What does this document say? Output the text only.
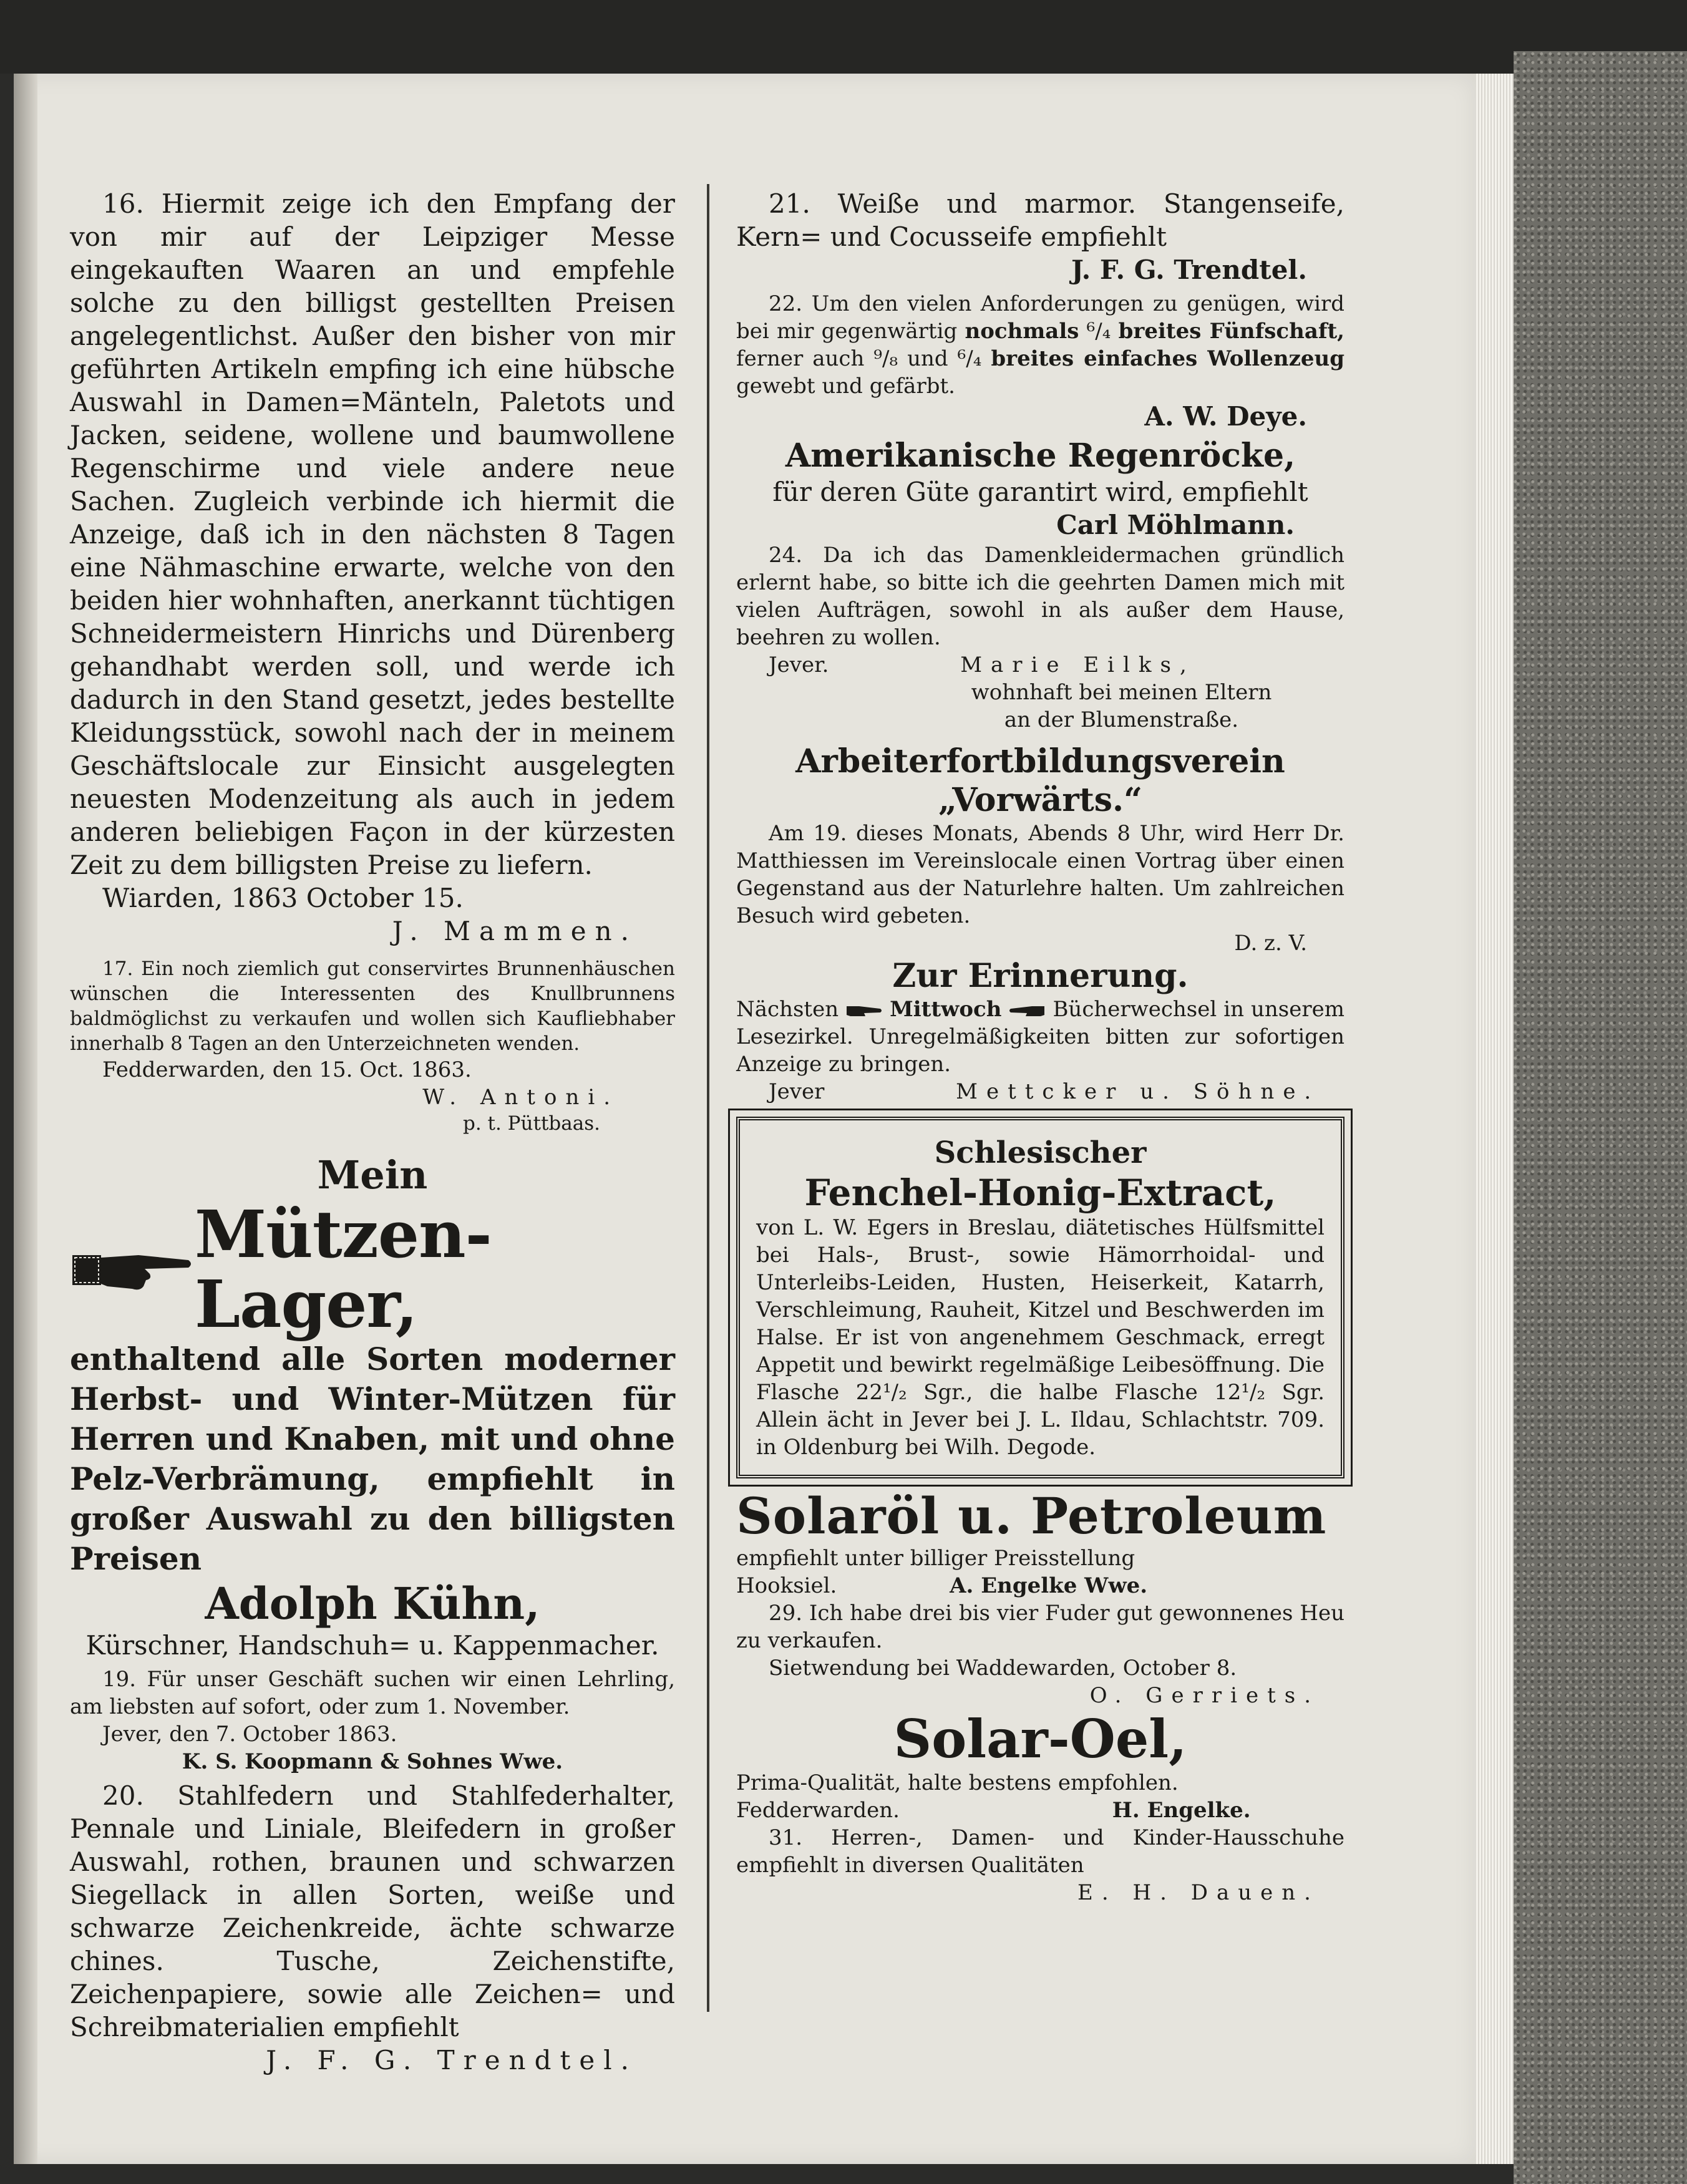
16. Hiermit zeige ich den Empfang der von mir auf der Leipziger Messe eingekauften Waaren an und empfehle solche zu den billigst gestellten Preisen angelegentlichst. Außer den bisher von mir geführten Artikeln empfing ich eine hübsche Auswahl in Damen=Mänteln, Paletots und Jacken, seidene, wollene und baumwollene Regenschirme und viele andere neue Sachen. Zugleich verbinde ich hiermit die Anzeige, daß ich in den nächsten 8 Tagen eine Nähmaschine erwarte, welche von den beiden hier wohnhaften, anerkannt tüchtigen Schneidermeistern Hinrichs und Dürenberg gehandhabt werden soll, und werde ich dadurch in den Stand gesetzt, jedes bestellte Kleidungsstück, sowohl nach der in meinem Geschäftslocale zur Einsicht ausgelegten neuesten Modenzeitung als auch in jedem anderen beliebigen Façon in der kürzesten Zeit zu dem billigsten Preise zu liefern.

Wiarden, 1863 October 15.

J. Mammen.

17. Ein noch ziemlich gut conservirtes Brunnenhäuschen wünschen die Interessenten des Knullbrunnens baldmöglichst zu verkaufen und wollen sich Kaufliebhaber innerhalb 8 Tagen an den Unterzeichneten wenden.

Fedderwarden, den 15. Oct. 1863.

W. Antoni.

p. t. Püttbaas.

Mein

Mützen-Lager,

enthaltend alle Sorten moderner Herbst- und Winter-Mützen für Herren und Knaben, mit und ohne Pelz-Verbrämung, empfiehlt in großer Auswahl zu den billigsten Preisen

Adolph Kühn,

Kürschner, Handschuh= u. Kappenmacher.

19. Für unser Geschäft suchen wir einen Lehrling, am liebsten auf sofort, oder zum 1. November.

Jever, den 7. October 1863.

K. S. Koopmann & Sohnes Wwe.

20. Stahlfedern und Stahlfederhalter, Pennale und Liniale, Bleifedern in großer Auswahl, rothen, braunen und schwarzen Siegellack in allen Sorten, weiße und schwarze Zeichenkreide, ächte schwarze chines. Tusche, Zeichenstifte, Zeichenpapiere, sowie alle Zeichen= und Schreibmaterialien empfiehlt

J. F. G. Trendtel.

21. Weiße und marmor. Stangenseife, Kern= und Cocusseife empfiehlt

J. F. G. Trendtel.

22. Um den vielen Anforderungen zu genügen, wird bei mir gegenwärtig nochmals ⁶/₄ breites Fünfschaft, ferner auch ⁹/₈ und ⁶/₄ breites einfaches Wollenzeug gewebt und gefärbt.

A. W. Deye.

Amerikanische Regenröcke,

für deren Güte garantirt wird, empfiehlt

Carl Möhlmann.

24. Da ich das Damenkleidermachen gründlich erlernt habe, so bitte ich die geehrten Damen mich mit vielen Aufträgen, sowohl in als außer dem Hause, beehren zu wollen.

Jever.	Marie Eilks,

wohnhaft bei meinen Eltern

an der Blumenstraße.

Arbeiterfortbildungsverein

„Vorwärts.“

Am 19. dieses Monats, Abends 8 Uhr, wird Herr Dr. Matthiessen im Vereinslocale einen Vortrag über einen Gegenstand aus der Naturlehre halten. Um zahlreichen Besuch wird gebeten.

D. z. V.

Zur Erinnerung.

Nächsten Mittwoch Bücherwechsel in unserem Lesezirkel. Unregelmäßigkeiten bitten zur sofortigen Anzeige zu bringen.

Jever	Mettcker u. Söhne.

Schlesischer

Fenchel-Honig-Extract,

von L. W. Egers in Breslau, diätetisches Hülfsmittel bei Hals-, Brust-, sowie Hämorrhoidal- und Unterleibs-Leiden, Husten, Heiserkeit, Katarrh, Verschleimung, Rauheit, Kitzel und Beschwerden im Halse. Er ist von angenehmem Geschmack, erregt Appetit und bewirkt regelmäßige Leibesöffnung. Die Flasche 22¹/₂ Sgr., die halbe Flasche 12¹/₂ Sgr. Allein ächt in Jever bei J. L. Ildau, Schlachtstr. 709. in Oldenburg bei Wilh. Degode.

Solaröl u. Petroleum

empfiehlt unter billiger Preisstellung

Hooksiel.	A. Engelke Wwe.

29. Ich habe drei bis vier Fuder gut gewonnenes Heu zu verkaufen.

Sietwendung bei Waddewarden, October 8.

O. Gerriets.

Solar-Oel,

Prima-Qualität, halte bestens empfohlen.

Fedderwarden.	H. Engelke.

31. Herren-, Damen- und Kinder-Hausschuhe empfiehlt in diversen Qualitäten

E. H. Dauen.
